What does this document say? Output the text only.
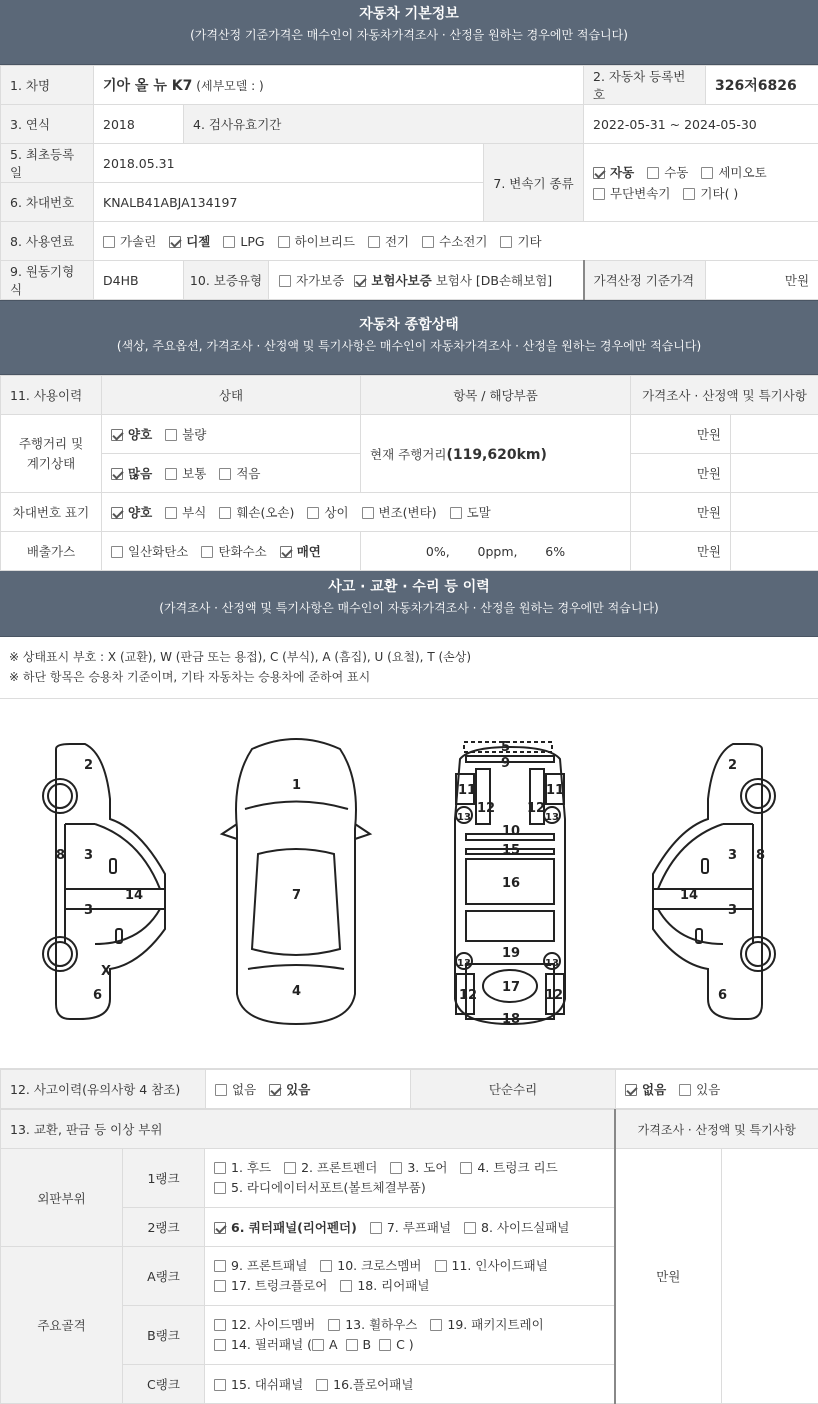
자동차 기본정보
(가격산정 기준가격은 매수인이 자동차가격조사 · 산정을 원하는 경우에만 적습니다)
1. 차명	기아 올 뉴 K7 (세부모델 : )			2. 자동차 등록번호	326저6826
3. 연식	2018	4. 검사유효기간		2022-05-31 ~ 2024-05-30	
5. 최초등록일	2018.05.31		7. 변속기 종류	자동 수동 세미오토
무단변속기 기타( )	
6. 차대번호	KNALB41ABJA134197				
8. 사용연료	가솔린 디젤 LPG 하이브리드 전기 수소전기 기타				
9. 원동기형식	D4HB	10. 보증유형 자가보증 보험사보증 보험사 [DB손해보험]		가격산정 기준가격	만원
자동차 종합상태
(색상, 주요옵션, 가격조사 · 산정액 및 특기사항은 매수인이 자동차가격조사 · 산정을 원하는 경우에만 적습니다)
11. 사용이력	상태	항목 / 해당부품	가격조사 · 산정액 및 특기사항	
주행거리 및
계기상태	양호 불량	현재 주행거리(119,620km)	만원	
	많음 보통 적음		만원	
차대번호 표기	양호 부식 훼손(오손) 상이 변조(변타) 도말		만원	
배출가스	일산화탄소 탄화수소 매연	0%,       0ppm,       6%	만원	
사고 · 교환 · 수리 등 이력
(가격조사 · 산정액 및 특기사항은 매수인이 자동차가격조사 · 산정을 원하는 경우에만 적습니다)
※ 상태표시 부호 : X (교환), W (판금 또는 용접), C (부식), A (흠집), U (요철), T (손상)
※ 하단 항목은 승용차 기준이며, 기타 자동차는 승용차에 준하여 표시
2
8 3
14
3
6
X
1
7
4
5
9
11	11
12 12
13	13
10
15
16
19
13	13
17
12	12
18
2
3 8
14
3
6
12. 사고이력(유의사항 4 참조)	없음 있음	단순수리	없음 있음
13. 교환, 판금 등 이상 부위			가격조사 · 산정액 및 특기사항	
외판부위	1랭크	1. 후드 2. 프론트펜더 3. 도어 4. 트렁크 리드
5. 라디에이터서포트(볼트체결부품)	만원	
	2랭크	6. 쿼터패널(리어펜더) 7. 루프패널 8. 사이드실패널		
주요골격	A랭크	9. 프론트패널 10. 크로스멤버 11. 인사이드패널
17. 트렁크플로어 18. 리어패널		

	B랭크	12. 사이드멤버 13. 휠하우스 19. 패키지트레이
14. 필러패널 ( A B C )		

	C랭크	15. 대쉬패널 16.플로어패널		
